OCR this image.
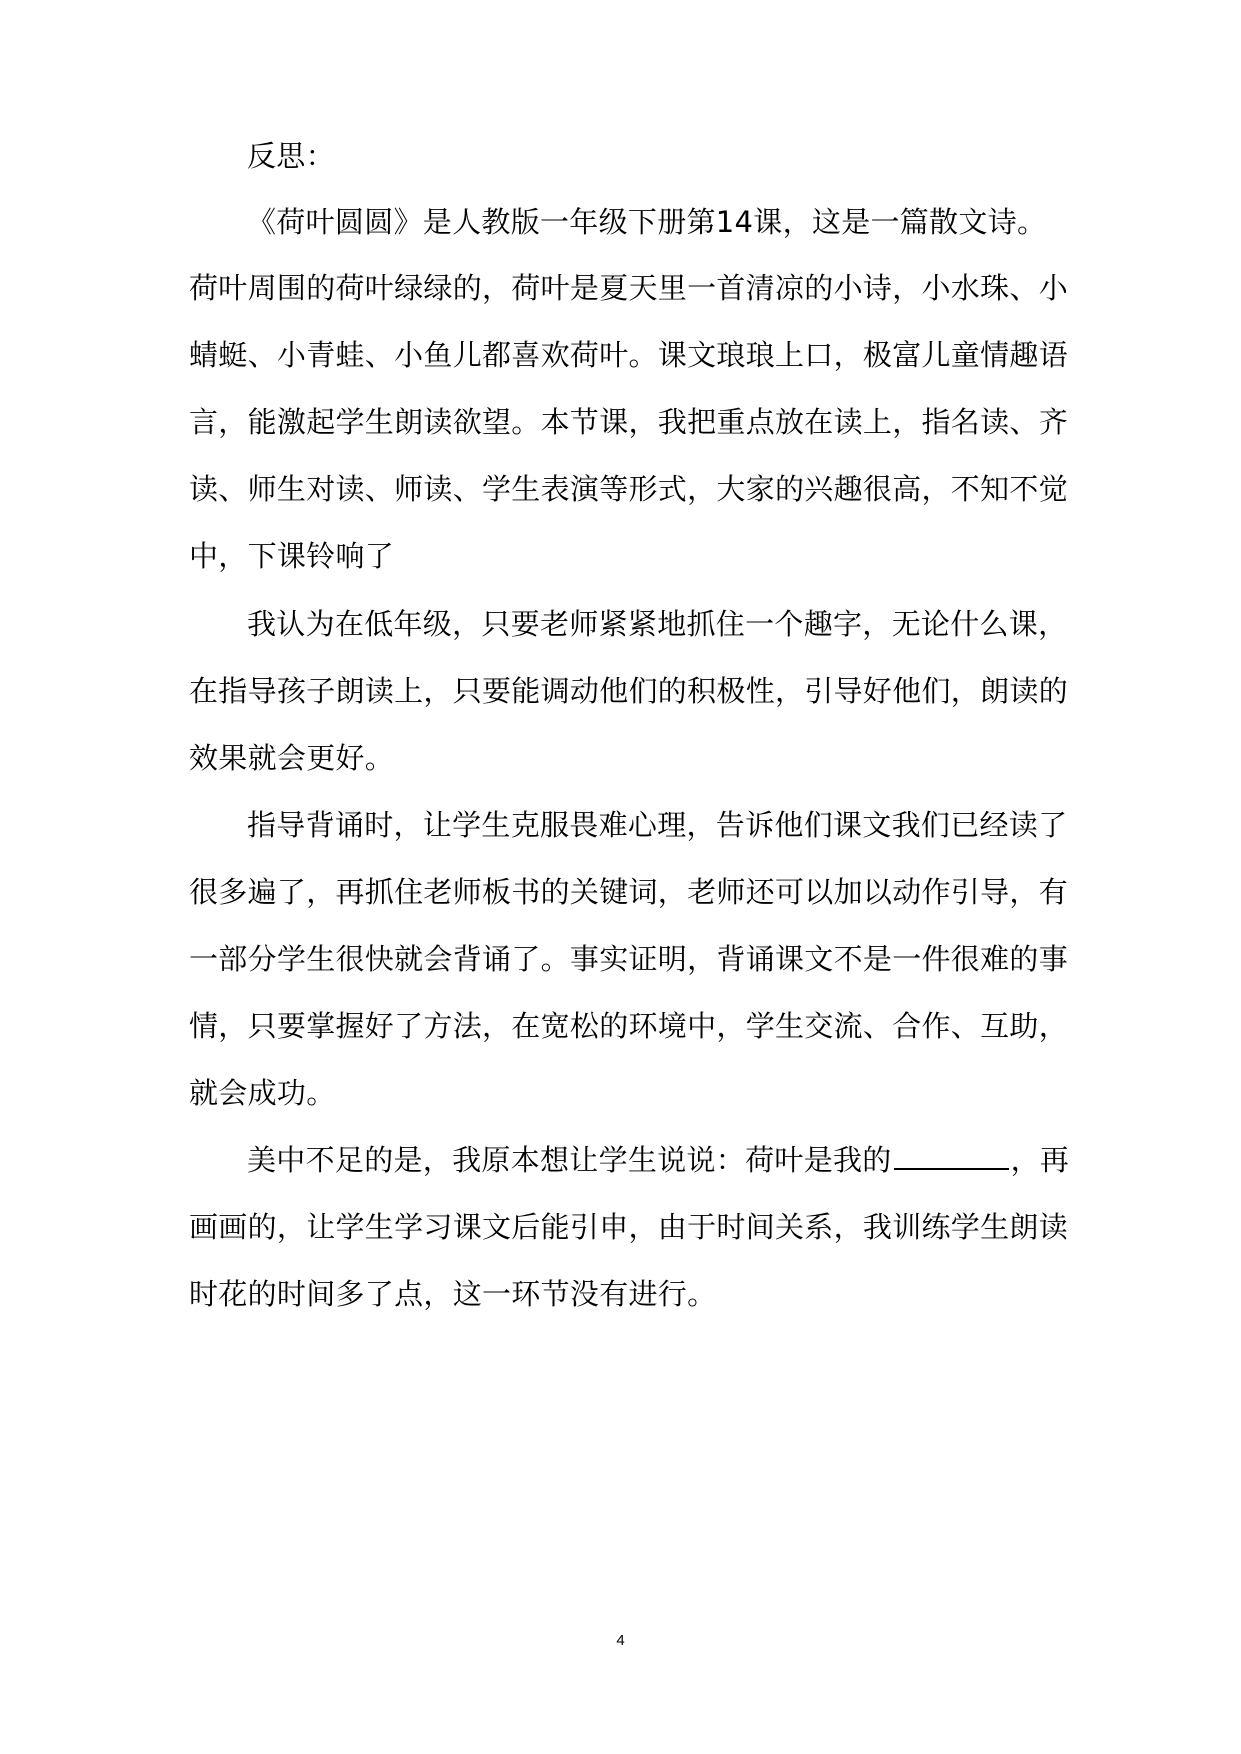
反思：
《荷叶圆圆》是人教版一年级下册第14课，这是一篇散文诗。
荷叶周围的荷叶绿绿的，荷叶是夏天里一首清凉的小诗，小水珠、小
蜻蜓、小青蛙、小鱼儿都喜欢荷叶。课文琅琅上口，极富儿童情趣语
言，能激起学生朗读欲望。本节课，我把重点放在读上，指名读、齐
读、师生对读、师读、学生表演等形式，大家的兴趣很高，不知不觉
中，下课铃响了
我认为在低年级，只要老师紧紧地抓住一个趣字，无论什么课，
在指导孩子朗读上，只要能调动他们的积极性，引导好他们，朗读的
效果就会更好。
指导背诵时，让学生克服畏难心理，告诉他们课文我们已经读了
很多遍了，再抓住老师板书的关键词，老师还可以加以动作引导，有
一部分学生很快就会背诵了。事实证明，背诵课文不是一件很难的事
情，只要掌握好了方法，在宽松的环境中，学生交流、合作、互助，
就会成功。
美中不足的是，我原本想让学生说说：荷叶是我的	，再
画画的，让学生学习课文后能引申，由于时间关系，我训练学生朗读
时花的时间多了点，这一环节没有进行。
4
